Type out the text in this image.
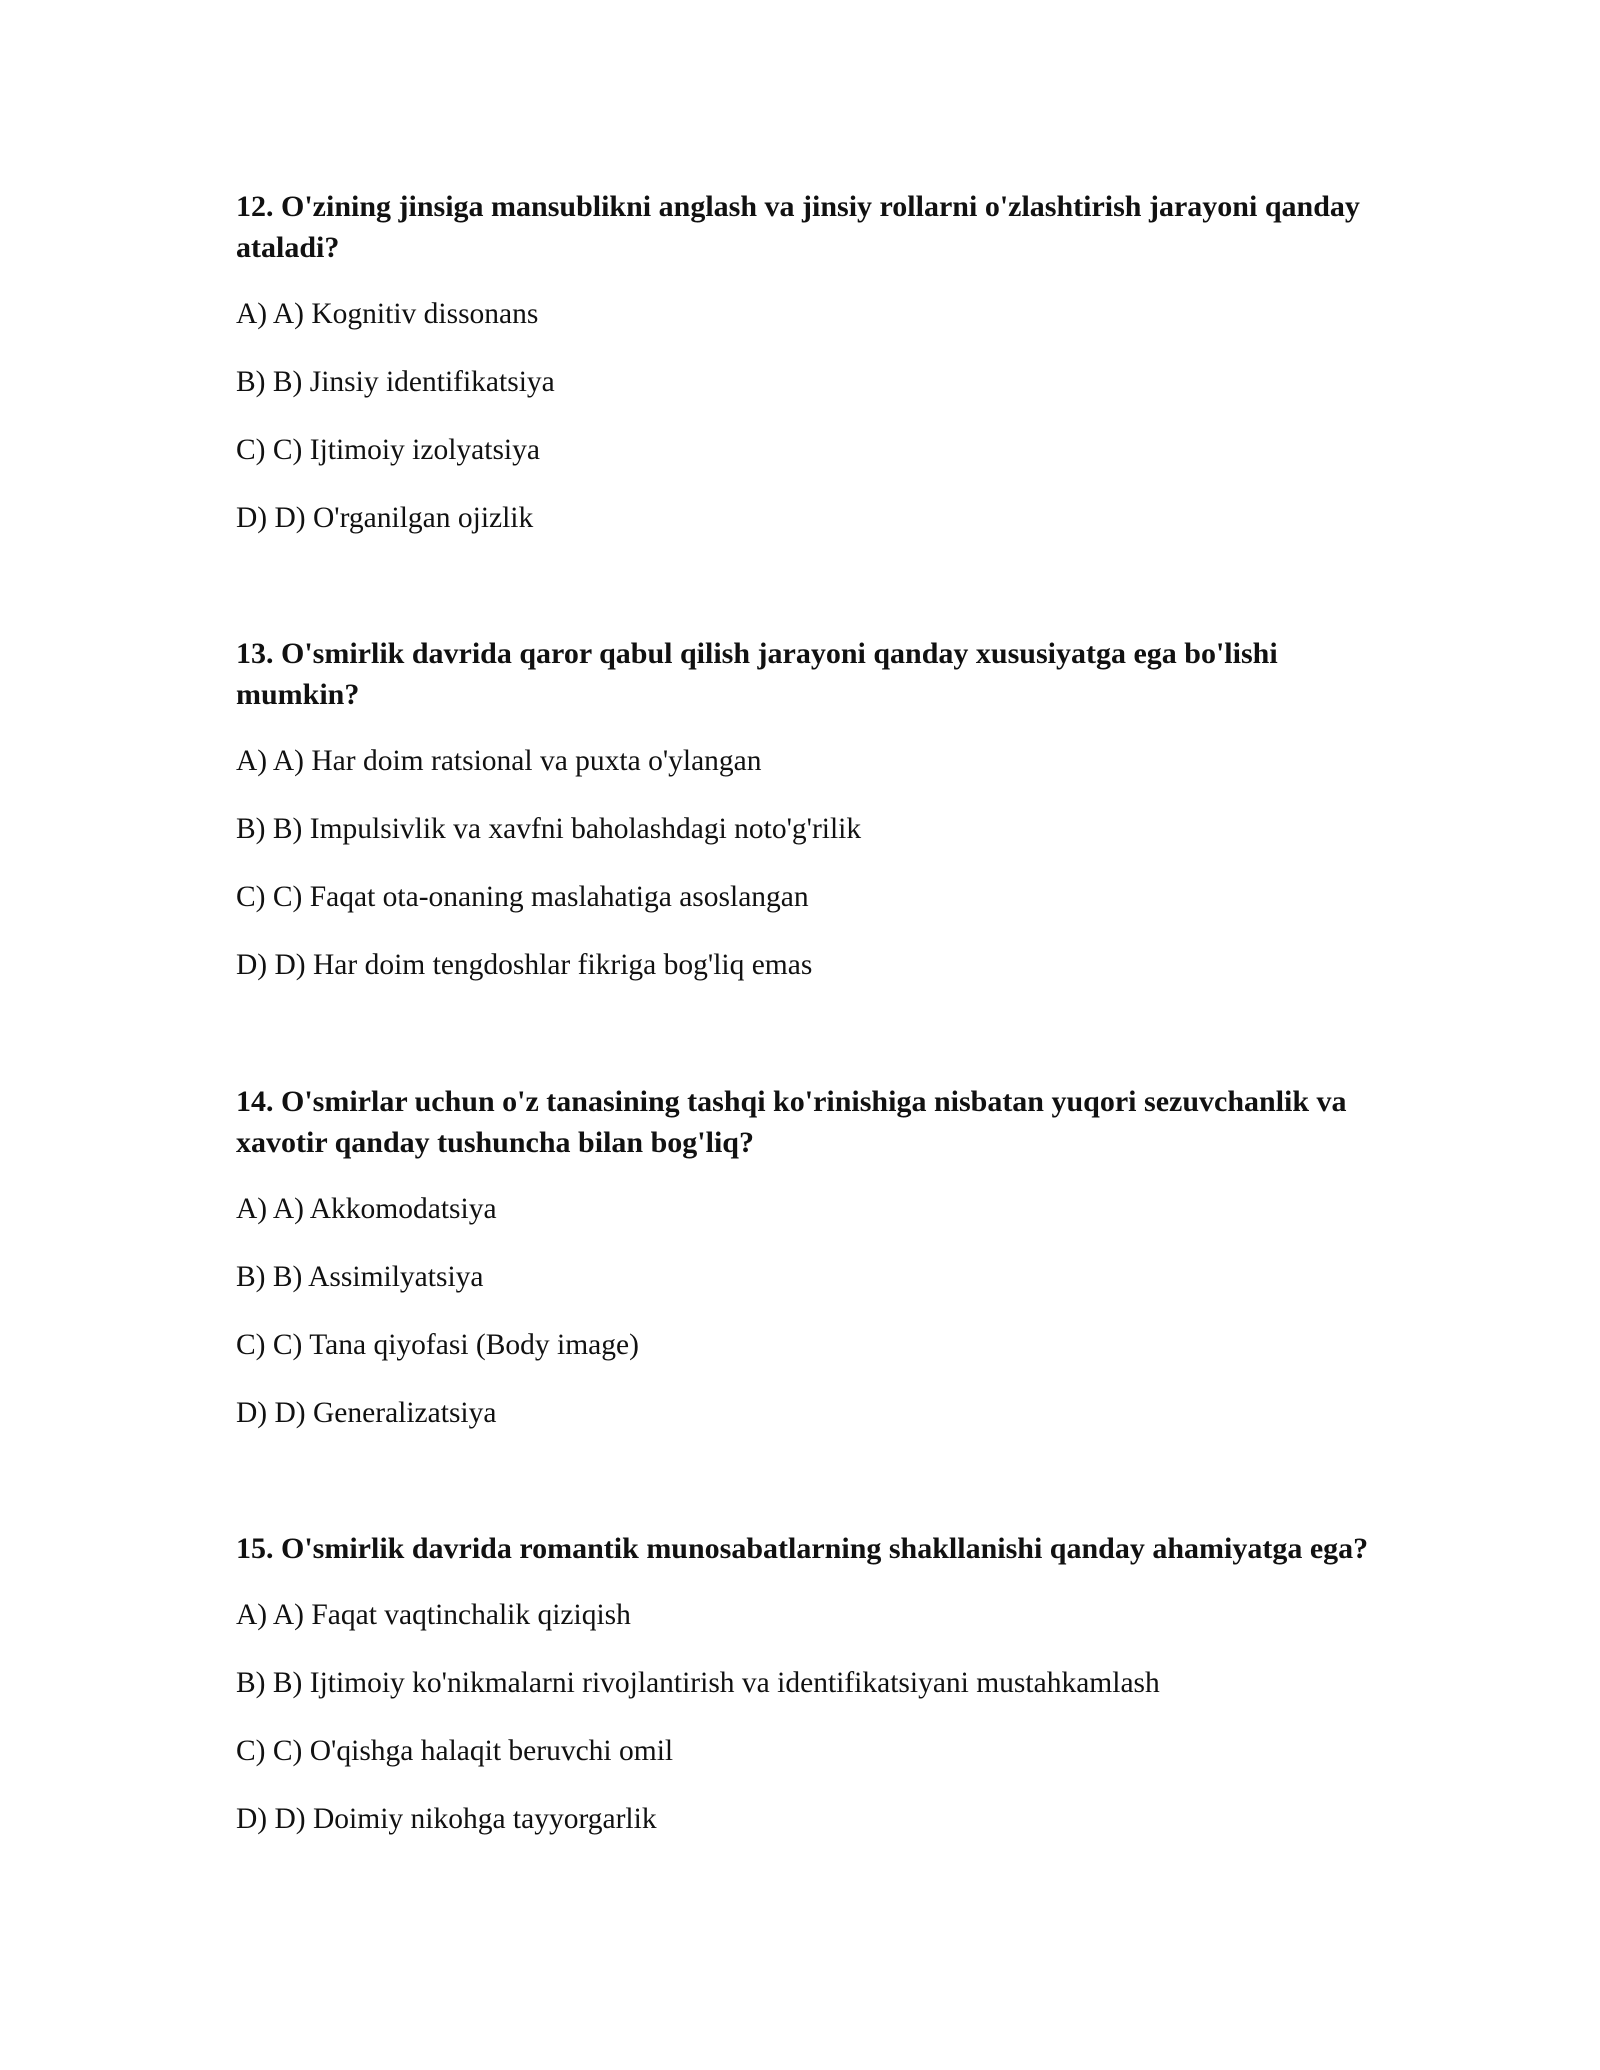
12. O'zining jinsiga mansublikni anglash va jinsiy rollarni o'zlashtirish jarayoni qanday ataladi?

A) A) Kognitiv dissonans
B) B) Jinsiy identifikatsiya
C) C) Ijtimoiy izolyatsiya
D) D) O'rganilgan ojizlik

13. O'smirlik davrida qaror qabul qilish jarayoni qanday xususiyatga ega bo'lishi mumkin?

A) A) Har doim ratsional va puxta o'ylangan
B) B) Impulsivlik va xavfni baholashdagi noto'g'rilik
C) C) Faqat ota-onaning maslahatiga asoslangan
D) D) Har doim tengdoshlar fikriga bog'liq emas

14. O'smirlar uchun o'z tanasining tashqi ko'rinishiga nisbatan yuqori sezuvchanlik va xavotir qanday tushuncha bilan bog'liq?

A) A) Akkomodatsiya
B) B) Assimilyatsiya
C) C) Tana qiyofasi (Body image)
D) D) Generalizatsiya

15. O'smirlik davrida romantik munosabatlarning shakllanishi qanday ahamiyatga ega?

A) A) Faqat vaqtinchalik qiziqish
B) B) Ijtimoiy ko'nikmalarni rivojlantirish va identifikatsiyani mustahkamlash
C) C) O'qishga halaqit beruvchi omil
D) D) Doimiy nikohga tayyorgarlik
